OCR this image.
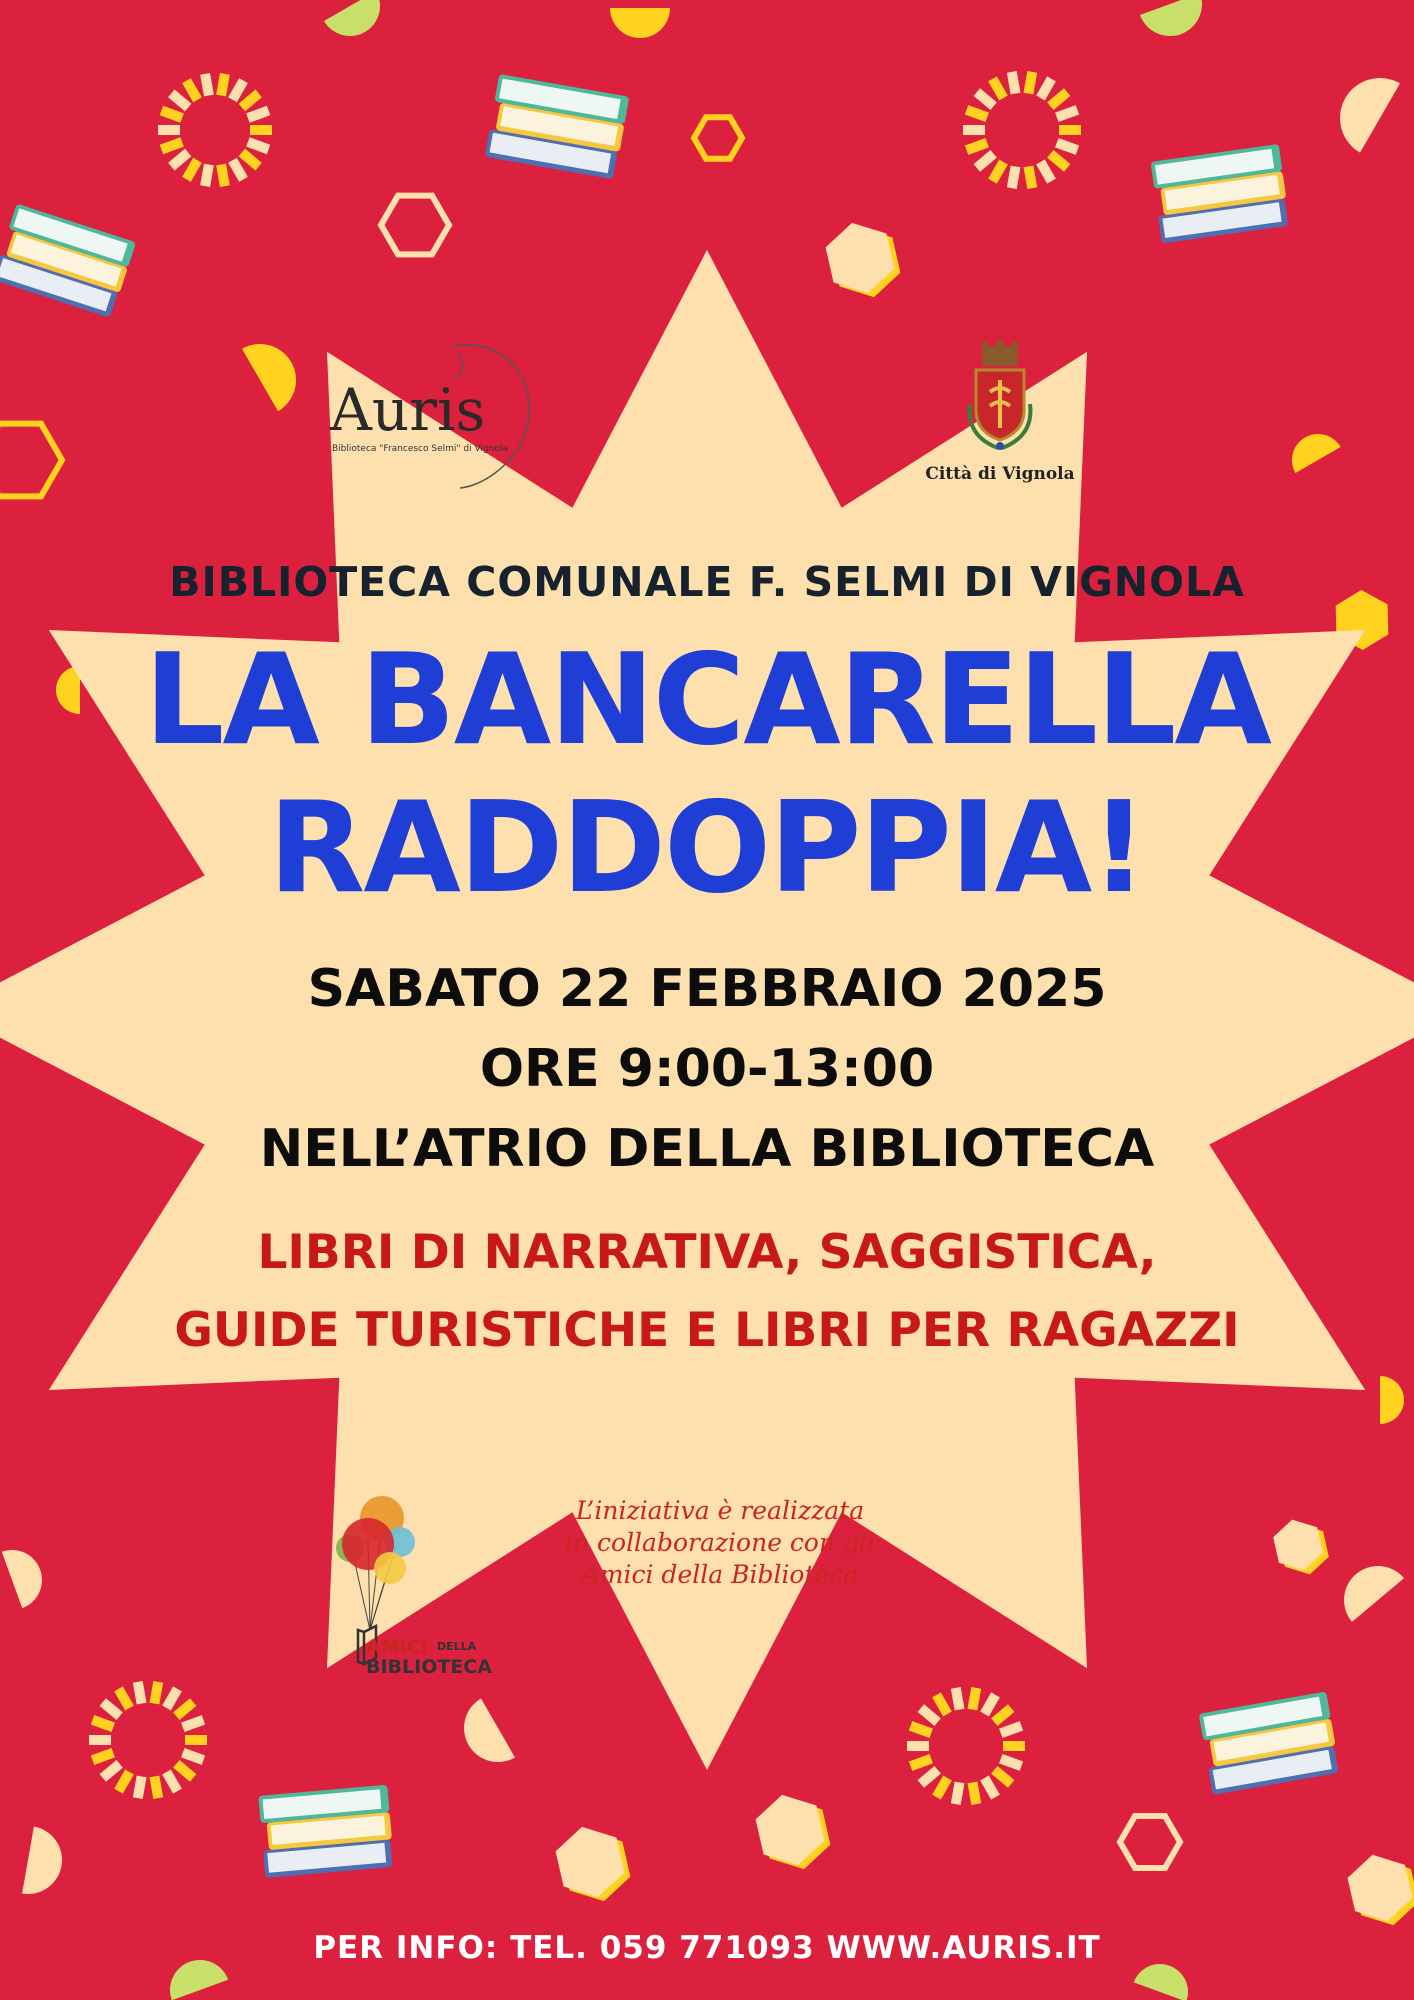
Auris
Biblioteca "Francesco Selmi" di Vignola
Città di Vignola
BIBLIOTECA COMUNALE F. SELMI DI VIGNOLA
LA BANCARELLA
RADDOPPIA!
SABATO 22 FEBBRAIO 2025
ORE 9:00-13:00
NELL’ATRIO DELLA BIBLIOTECA
LIBRI DI NARRATIVA, SAGGISTICA,
GUIDE TURISTICHE E LIBRI PER RAGAZZI
AMICI DELLA
BIBLIOTECA
L’iniziativa è realizzata
in collaborazione con gli
Amici della Biblioteca
PER INFO: TEL. 059 771093 WWW.AURIS.IT
